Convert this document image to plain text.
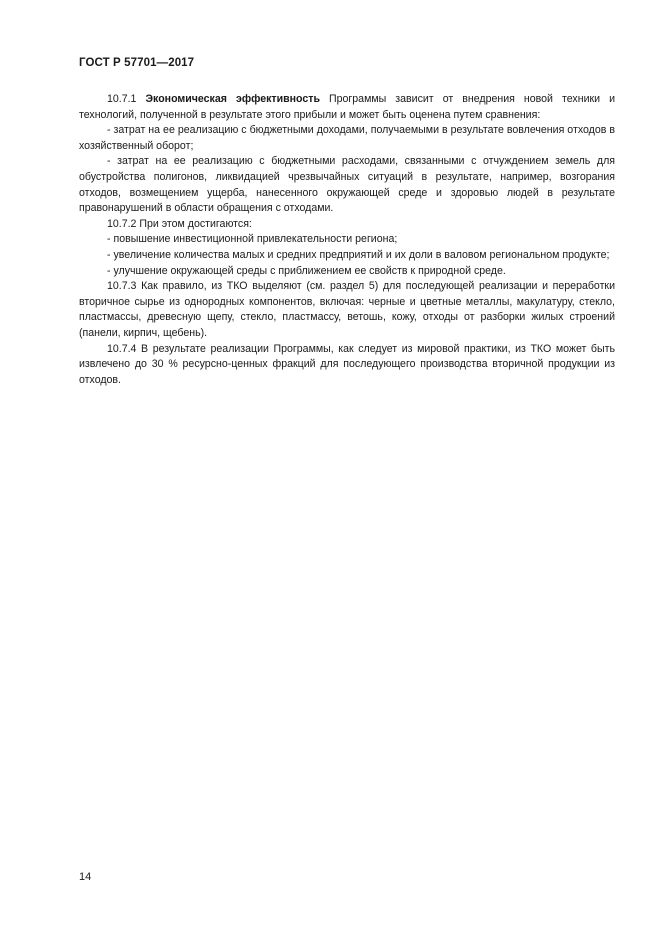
ГОСТ Р 57701—2017

10.7.1 Экономическая эффективность Программы зависит от внедрения новой техники и технологий, полученной в результате этого прибыли и может быть оценена путем сравнения:

- затрат на ее реализацию с бюджетными доходами, получаемыми в результате вовлечения отходов в хозяйственный оборот;

- затрат на ее реализацию с бюджетными расходами, связанными с отчуждением земель для обустройства полигонов, ликвидацией чрезвычайных ситуаций в результате, например, возгорания отходов, возмещением ущерба, нанесенного окружающей среде и здоровью людей в результате правонарушений в области обращения с отходами.

10.7.2 При этом достигаются:

- повышение инвестиционной привлекательности региона;

- увеличение количества малых и средних предприятий и их доли в валовом региональном продукте;

- улучшение окружающей среды с приближением ее свойств к природной среде.

10.7.3 Как правило, из ТКО выделяют (см. раздел 5) для последующей реализации и переработки вторичное сырье из однородных компонентов, включая: черные и цветные металлы, макулатуру, стекло, пластмассы, древесную щепу, стекло, пластмассу, ветошь, кожу, отходы от разборки жилых строений (панели, кирпич, щебень).

10.7.4 В результате реализации Программы, как следует из мировой практики, из ТКО может быть извлечено до 30 % ресурсно-ценных фракций для последующего производства вторичной продукции из отходов.

14
